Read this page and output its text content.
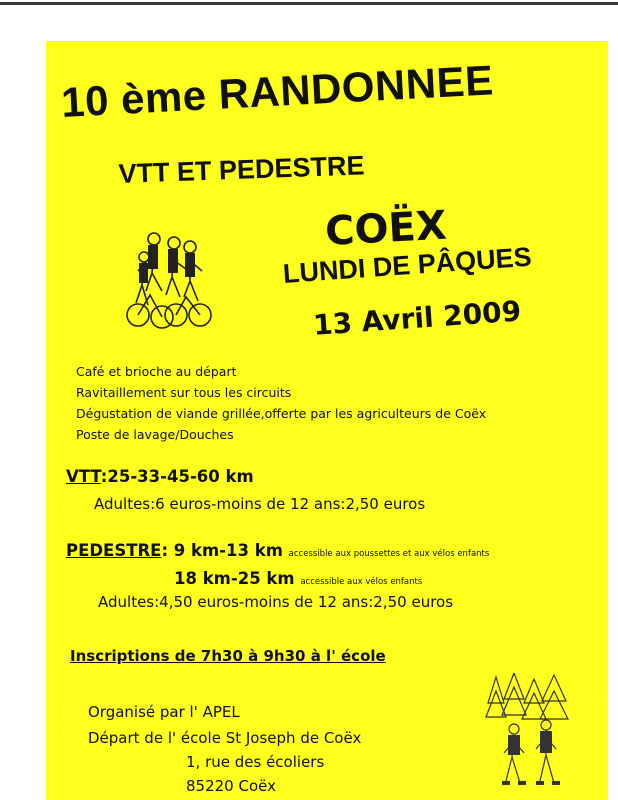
10 ème RANDONNEE
VTT ET PEDESTRE
COËX
LUNDI DE PÂQUES
13 Avril 2009
Café et brioche au départ
Ravitaillement sur tous les circuits
Dégustation de viande grillée,offerte par les agriculteurs de Coëx
Poste de lavage/Douches
VTT:25-33-45-60 km
Adultes:6 euros-moins de 12 ans:2,50 euros
PEDESTRE: 9 km-13 km accessible aux poussettes et aux vélos enfants
18 km-25 km accessible aux vélos enfants
Adultes:4,50 euros-moins de 12 ans:2,50 euros
Inscriptions de 7h30 à 9h30 à l' école
Organisé par l' APEL
Départ de l' école St Joseph de Coëx
1, rue des écoliers
85220 Coëx
